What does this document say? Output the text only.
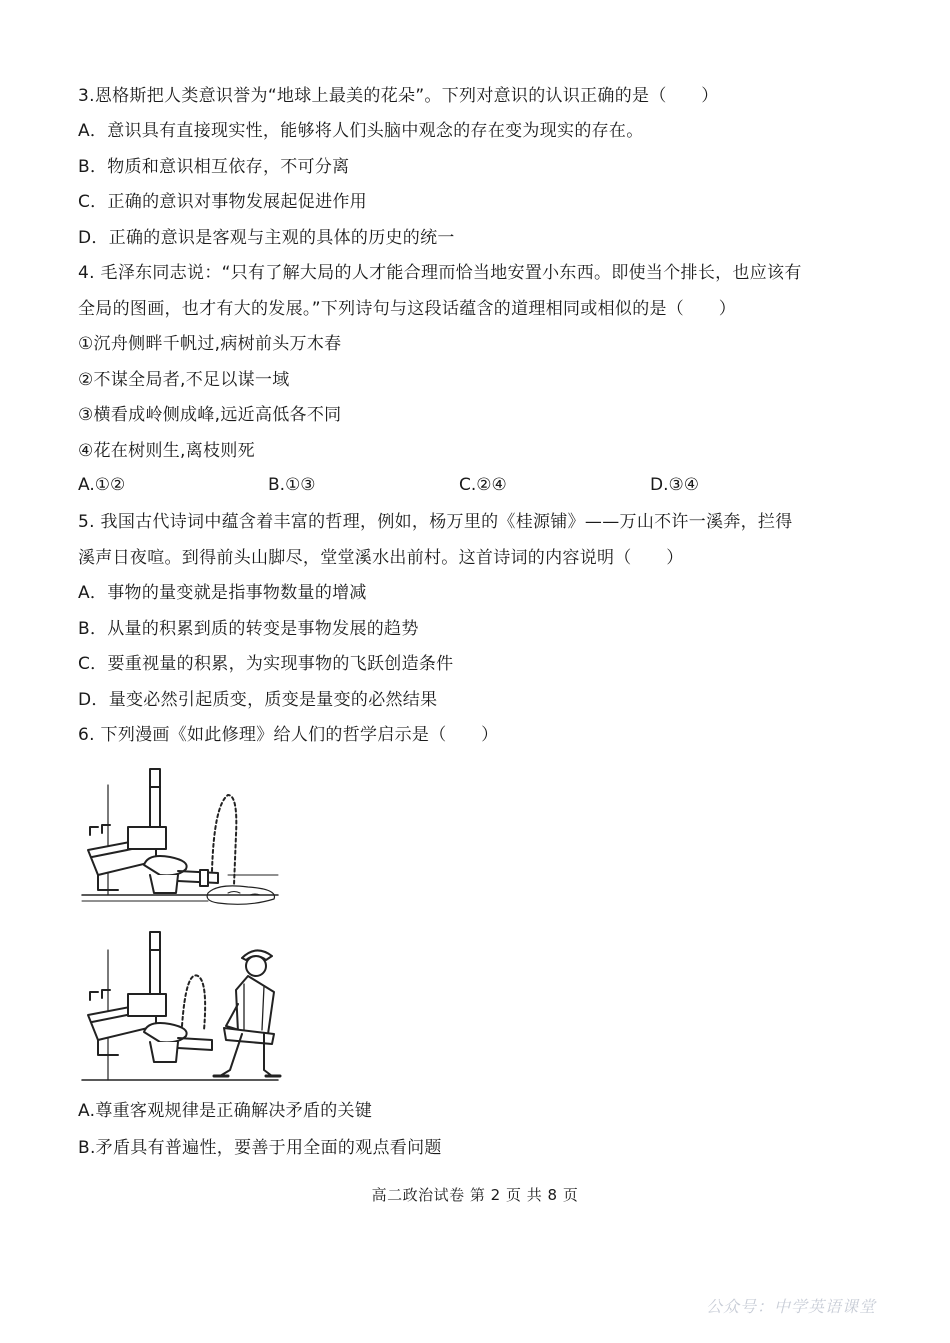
3.恩格斯把人类意识誉为“地球上最美的花朵”。下列对意识的认识正确的是（　　）
A．意识具有直接现实性，能够将人们头脑中观念的存在变为现实的存在。
B．物质和意识相互依存，不可分离
C．正确的意识对事物发展起促进作用
D．正确的意识是客观与主观的具体的历史的统一
4. 毛泽东同志说：“只有了解大局的人才能合理而恰当地安置小东西。即使当个排长，也应该有
全局的图画，也才有大的发展。”下列诗句与这段话蕴含的道理相同或相似的是（　　）
①沉舟侧畔千帆过,病树前头万木春
②不谋全局者,不足以谋一域
③横看成岭侧成峰,远近高低各不同
④花在树则生,离枝则死
A.①②	B.①③	C.②④	D.③④
5. 我国古代诗词中蕴含着丰富的哲理，例如，杨万里的《桂源铺》——万山不许一溪奔，拦得
溪声日夜喧。到得前头山脚尽，堂堂溪水出前村。这首诗词的内容说明（　　）
A．事物的量变就是指事物数量的增减
B．从量的积累到质的转变是事物发展的趋势
C．要重视量的积累，为实现事物的飞跃创造条件
D．量变必然引起质变，质变是量变的必然结果
6. 下列漫画《如此修理》给人们的哲学启示是（　　）
A.尊重客观规律是正确解决矛盾的关键
B.矛盾具有普遍性，要善于用全面的观点看问题
高二政治试卷 第 2 页 共 8 页
公众号：中学英语课堂
